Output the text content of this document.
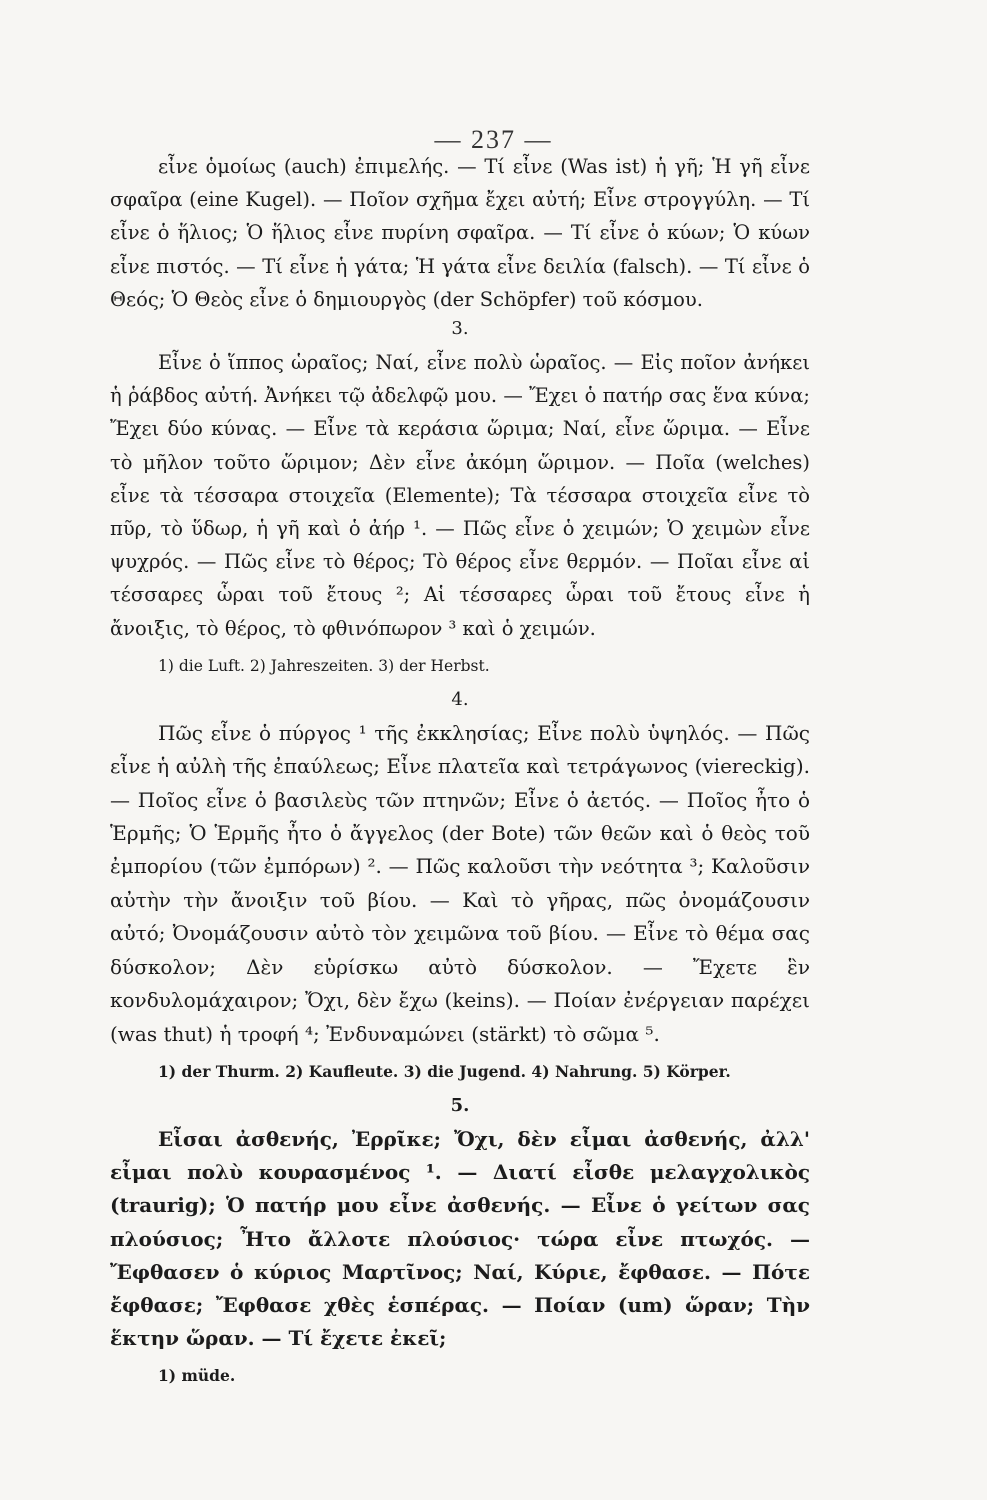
— 237 —

εἶνε ὁμοίως (auch) ἐπιμελής. — Τί εἶνε (Was ist) ἡ γῆ; Ἡ γῆ εἶνε σφαῖρα (eine Kugel). — Ποῖον σχῆμα ἔχει αὐτή; Εἶνε στρογγύλη. — Τί εἶνε ὁ ἥλιος; Ὁ ἥλιος εἶνε πυρίνη σφαῖρα. — Τί εἶνε ὁ κύων; Ὁ κύων εἶνε πιστός. — Τί εἶνε ἡ γάτα; Ἡ γάτα εἶνε δειλία (falsch). — Τί εἶνε ὁ Θεός; Ὁ Θεὸς εἶνε ὁ δημιουργὸς (der Schöpfer) τοῦ κόσμου.

3.

Εἶνε ὁ ἵππος ὡραῖος; Ναί, εἶνε πολὺ ὡραῖος. — Εἰς ποῖον ἀνήκει ἡ ῥάβδος αὐτή. Ἀνήκει τῷ ἀδελφῷ μου. — Ἔχει ὁ πατήρ σας ἕνα κύνα; Ἔχει δύο κύνας. — Εἶνε τὰ κεράσια ὥριμα; Ναί, εἶνε ὥριμα. — Εἶνε τὸ μῆλον τοῦτο ὥριμον; Δὲν εἶνε ἀκόμη ὥριμον. — Ποῖα (welches) εἶνε τὰ τέσσαρα στοιχεῖα (Elemente); Τὰ τέσσαρα στοιχεῖα εἶνε τὸ πῦρ, τὸ ὕδωρ, ἡ γῆ καὶ ὁ ἀήρ ¹. — Πῶς εἶνε ὁ χειμών; Ὁ χειμὼν εἶνε ψυχρός. — Πῶς εἶνε τὸ θέρος; Τὸ θέρος εἶνε θερμόν. — Ποῖαι εἶνε αἱ τέσσαρες ὧραι τοῦ ἔτους ²; Αἱ τέσσαρες ὧραι τοῦ ἔτους εἶνε ἡ ἄνοιξις, τὸ θέρος, τὸ φθινόπωρον ³ καὶ ὁ χειμών.

1) die Luft. 2) Jahreszeiten. 3) der Herbst.
4.

Πῶς εἶνε ὁ πύργος ¹ τῆς ἐκκλησίας; Εἶνε πολὺ ὑψηλός. — Πῶς εἶνε ἡ αὐλὴ τῆς ἐπαύλεως; Εἶνε πλατεῖα καὶ τετράγωνος (viereckig). — Ποῖος εἶνε ὁ βασιλεὺς τῶν πτηνῶν; Εἶνε ὁ ἀετός. — Ποῖος ἦτο ὁ Ἑρμῆς; Ὁ Ἑρμῆς ἦτο ὁ ἄγγελος (der Bote) τῶν θεῶν καὶ ὁ θεὸς τοῦ ἐμπορίου (τῶν ἐμπόρων) ². — Πῶς καλοῦσι τὴν νεότητα ³; Καλοῦσιν αὐτὴν τὴν ἄνοιξιν τοῦ βίου. — Καὶ τὸ γῆρας, πῶς ὀνομάζουσιν αὐτό; Ὀνομάζουσιν αὐτὸ τὸν χειμῶνα τοῦ βίου. — Εἶνε τὸ θέμα σας δύσκολον; Δὲν εὑρίσκω αὐτὸ δύσκολον. — Ἔχετε ἓν κονδυλομάχαιρον; Ὄχι, δὲν ἔχω (keins). — Ποίαν ἐνέργειαν παρέχει (was thut) ἡ τροφή ⁴; Ἐνδυναμώνει (stärkt) τὸ σῶμα ⁵.

1) der Thurm. 2) Kaufleute. 3) die Jugend. 4) Nahrung. 5) Körper.
5.

Εἶσαι ἀσθενής, Ἐρρῖκε; Ὄχι, δὲν εἶμαι ἀσθενής, ἀλλ' εἶμαι πολὺ κουρασμένος ¹. — Διατί εἶσθε μελαγχολικὸς (traurig); Ὁ πατήρ μου εἶνε ἀσθενής. — Εἶνε ὁ γείτων σας πλούσιος; Ἦτο ἄλλοτε πλούσιος· τώρα εἶνε πτωχός. — Ἔφθασεν ὁ κύριος Μαρτῖνος; Ναί, Κύριε, ἔφθασε. — Πότε ἔφθασε; Ἔφθασε χθὲς ἑσπέρας. — Ποίαν (um) ὥραν; Τὴν ἕκτην ὥραν. — Τί ἔχετε ἐκεῖ;

1) müde.
